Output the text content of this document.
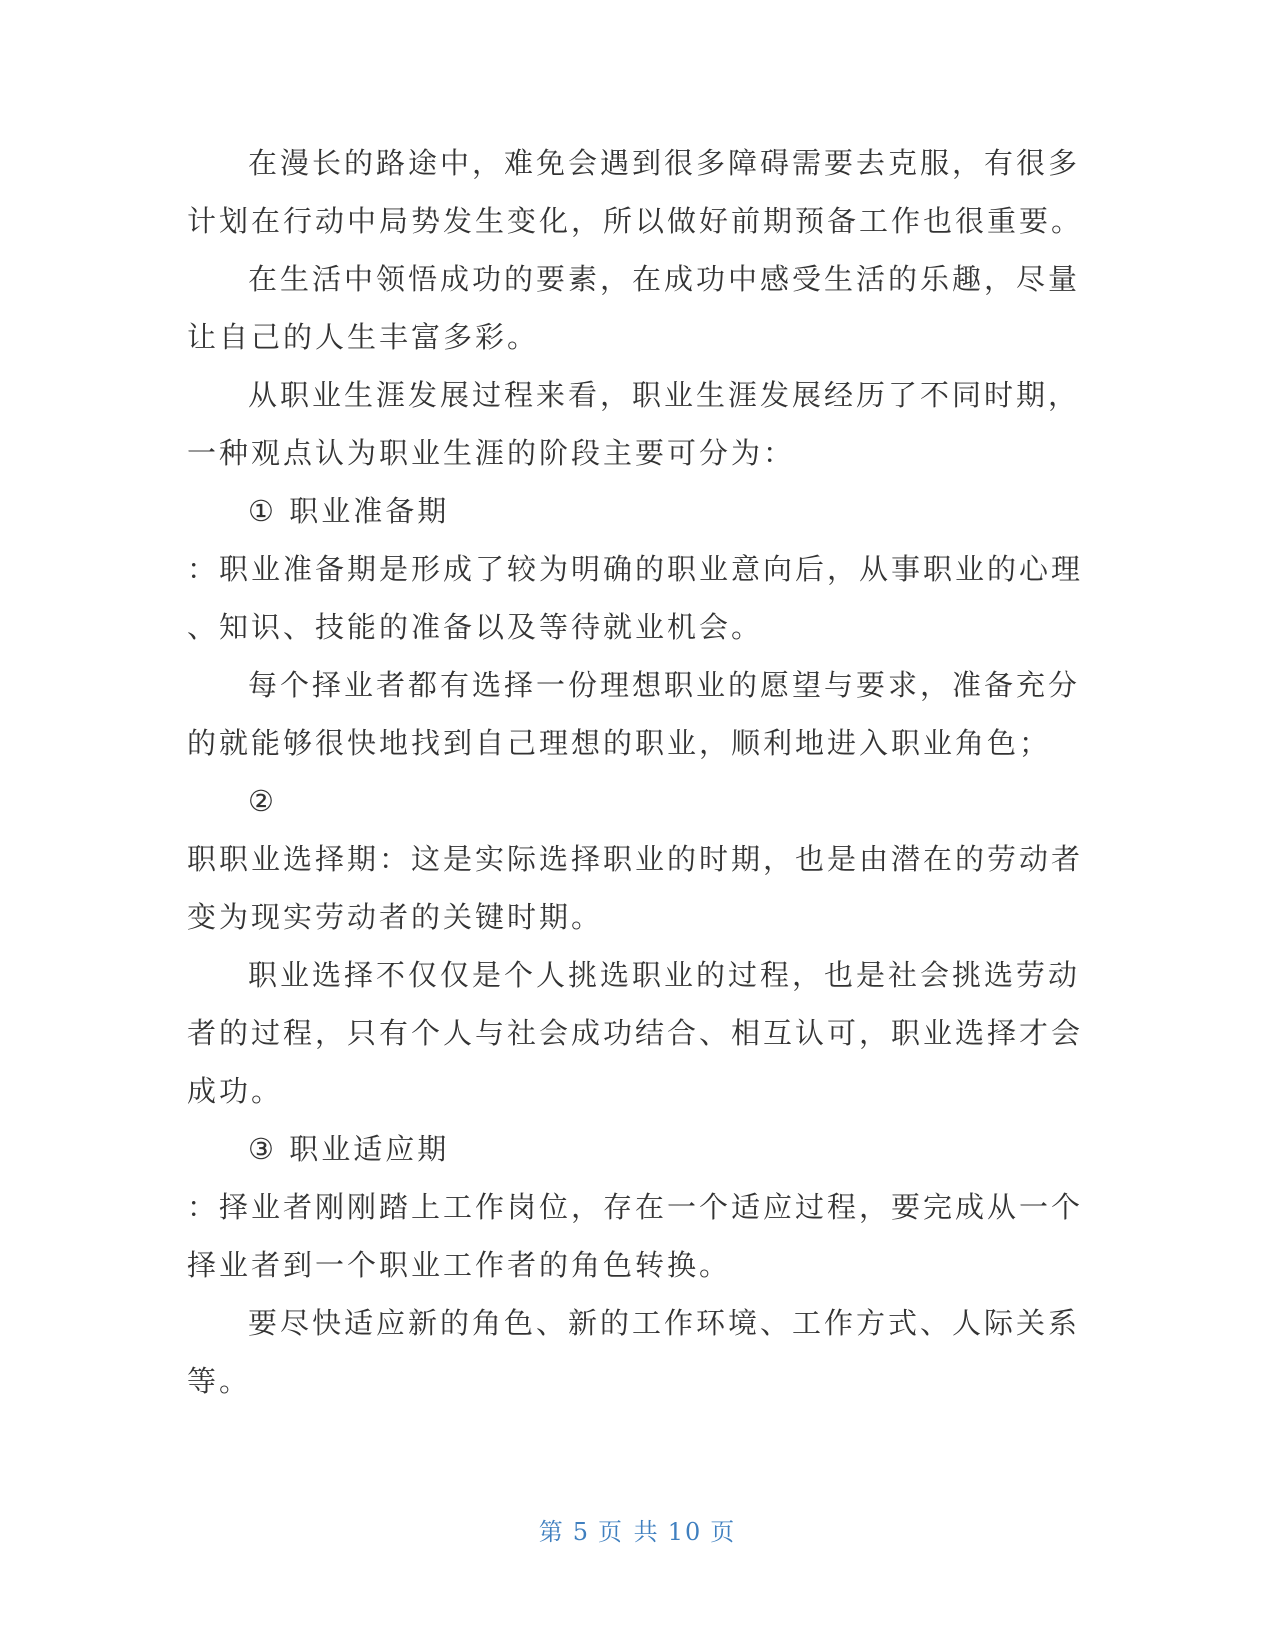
在漫长的路途中，难免会遇到很多障碍需要去克服，有很多
计划在行动中局势发生变化，所以做好前期预备工作也很重要。
在生活中领悟成功的要素，在成功中感受生活的乐趣，尽量
让自己的人生丰富多彩。
从职业生涯发展过程来看，职业生涯发展经历了不同时期，
一种观点认为职业生涯的阶段主要可分为：
① 职业准备期
：职业准备期是形成了较为明确的职业意向后，从事职业的心理
、知识、技能的准备以及等待就业机会。
每个择业者都有选择一份理想职业的愿望与要求，准备充分
的就能够很快地找到自己理想的职业，顺利地进入职业角色；
②
职职业选择期：这是实际选择职业的时期，也是由潜在的劳动者
变为现实劳动者的关键时期。
职业选择不仅仅是个人挑选职业的过程，也是社会挑选劳动
者的过程，只有个人与社会成功结合、相互认可，职业选择才会
成功。
③ 职业适应期
：择业者刚刚踏上工作岗位，存在一个适应过程，要完成从一个
择业者到一个职业工作者的角色转换。
要尽快适应新的角色、新的工作环境、工作方式、人际关系
等。
第 5 页 共 10 页
